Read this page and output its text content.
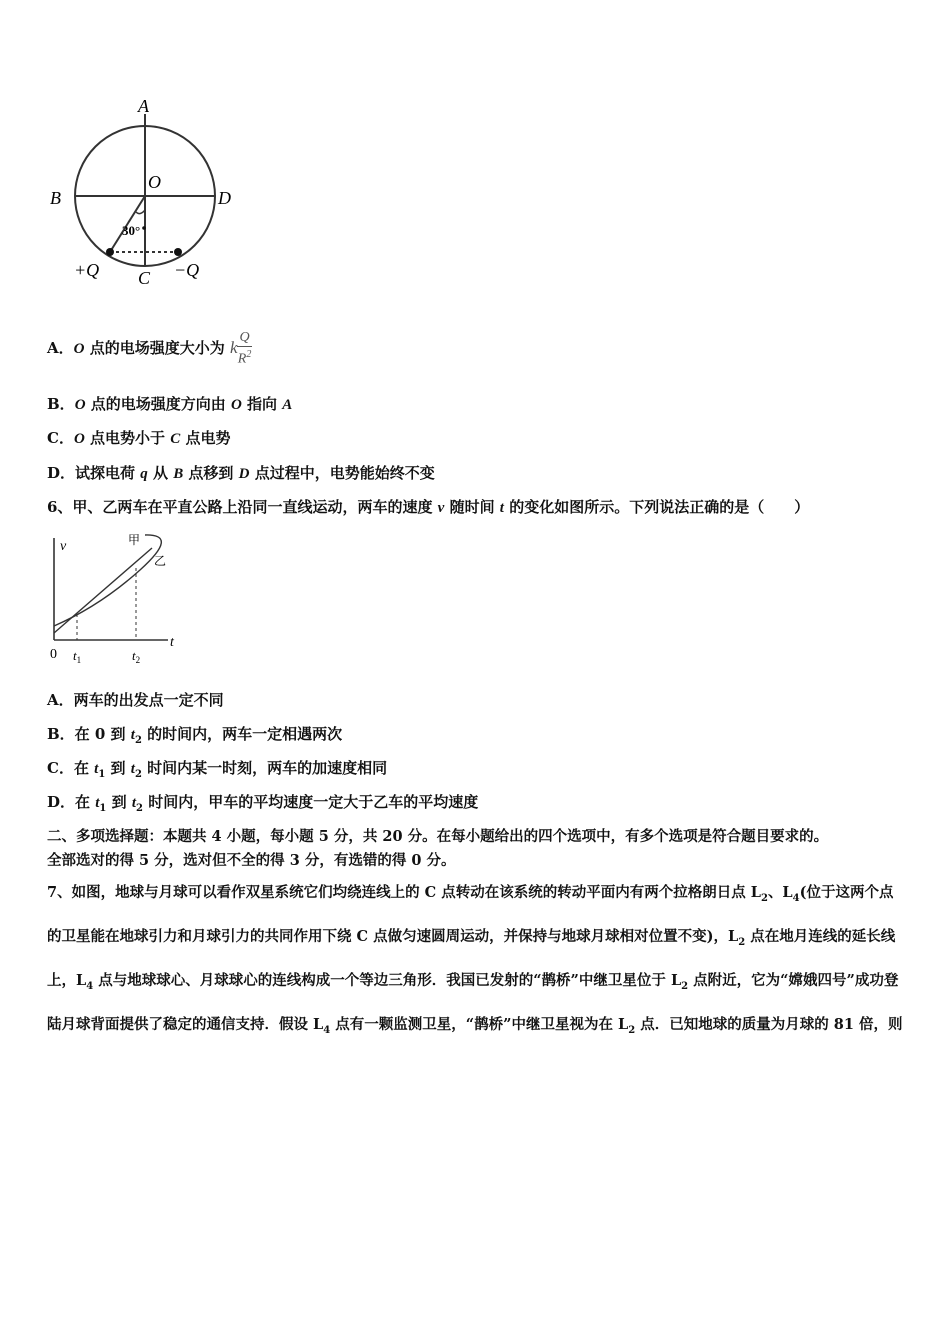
A
B	D
O
C
30°
+Q	−Q
A．O 点的电场强度大小为 k $\frac{Q}{R^2}$
B．O 点的电场强度方向由 O 指向 A
C．O 点电势小于 C 点电势
D．试探电荷 q 从 B 点移到 D 点过程中，电势能始终不变
6、甲、乙两车在平直公路上沿同一直线运动，两车的速度 v 随时间 t 的变化如图所示。下列说法正确的是（　　）
v
t
0 $t_1$	$t_2$
甲
乙
A．两车的出发点一定不同
B．在 0 到 $t_2$ 的时间内，两车一定相遇两次
C．在 $t_1$ 到 $t_2$ 时间内某一时刻，两车的加速度相同
D．在 $t_1$ 到 $t_2$ 时间内，甲车的平均速度一定大于乙车的平均速度
二、多项选择题：本题共 4 小题，每小题 5 分，共 20 分。在每小题给出的四个选项中，有多个选项是符合题目要求的。
全部选对的得 5 分，选对但不全的得 3 分，有选错的得 0 分。
7、如图，地球与月球可以看作双星系统它们均绕连线上的 C 点转动在该系统的转动平面内有两个拉格朗日点 $L_2$、$L_4$(位于这两个点的卫星能在地球引力和月球引力的共同作用下绕 C 点做匀速圆周运动，并保持与地球月球相对位置不变)，$L_2$ 点在地月连线的延长线上，$L_4$ 点与地球球心、月球球心的连线构成一个等边三角形．我国已发射的“鹊桥”中继卫星位于 $L_2$ 点附近，它为“嫦娥四号”成功登陆月球背面提供了稳定的通信支持．假设 $L_4$ 点有一颗监测卫星，“鹊桥”中继卫星视为在 $L_2$ 点．已知地球的质量为月球的 81 倍，则
